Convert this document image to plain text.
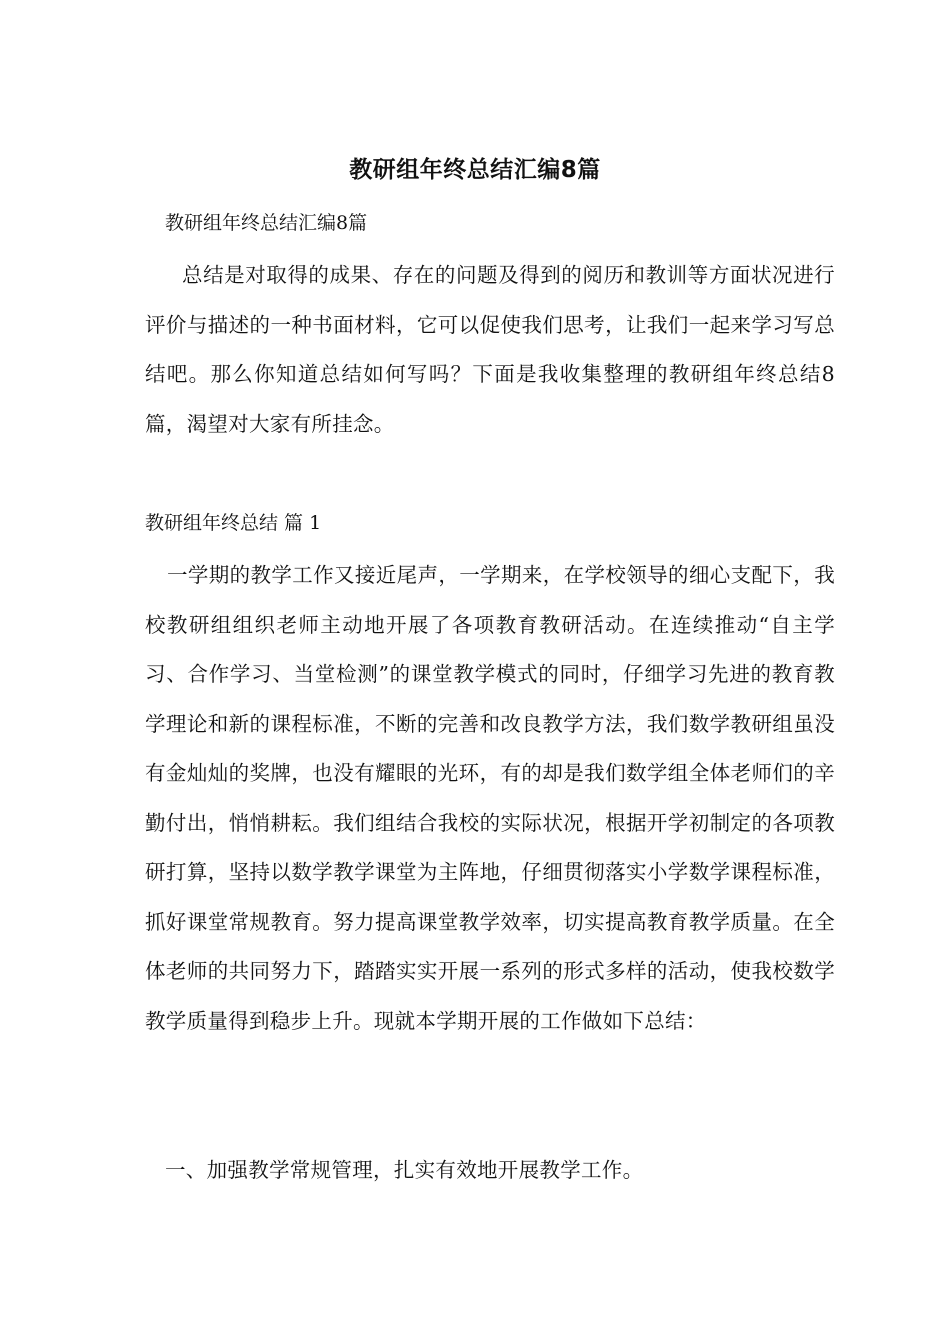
教研组年终总结汇编8篇
教研组年终总结汇编8篇
总结是对取得的成果、存在的问题及得到的阅历和教训等方面状况进行评价与描述的一种书面材料，它可以促使我们思考，让我们一起来学习写总结吧。那么你知道总结如何写吗？下面是我收集整理的教研组年终总结8篇，渴望对大家有所挂念。
教研组年终总结 篇 1
一学期的教学工作又接近尾声，一学期来，在学校领导的细心支配下，我校教研组组织老师主动地开展了各项教育教研活动。在连续推动“自主学习、合作学习、当堂检测”的课堂教学模式的同时，仔细学习先进的教育教学理论和新的课程标准，不断的完善和改良教学方法，我们数学教研组虽没有金灿灿的奖牌，也没有耀眼的光环，有的却是我们数学组全体老师们的辛勤付出，悄悄耕耘。我们组结合我校的实际状况，根据开学初制定的各项教研打算，坚持以数学教学课堂为主阵地，仔细贯彻落实小学数学课程标准，抓好课堂常规教育。努力提高课堂教学效率，切实提高教育教学质量。在全体老师的共同努力下，踏踏实实开展一系列的形式多样的活动，使我校数学教学质量得到稳步上升。现就本学期开展的工作做如下总结：
一、加强教学常规管理，扎实有效地开展教学工作。
